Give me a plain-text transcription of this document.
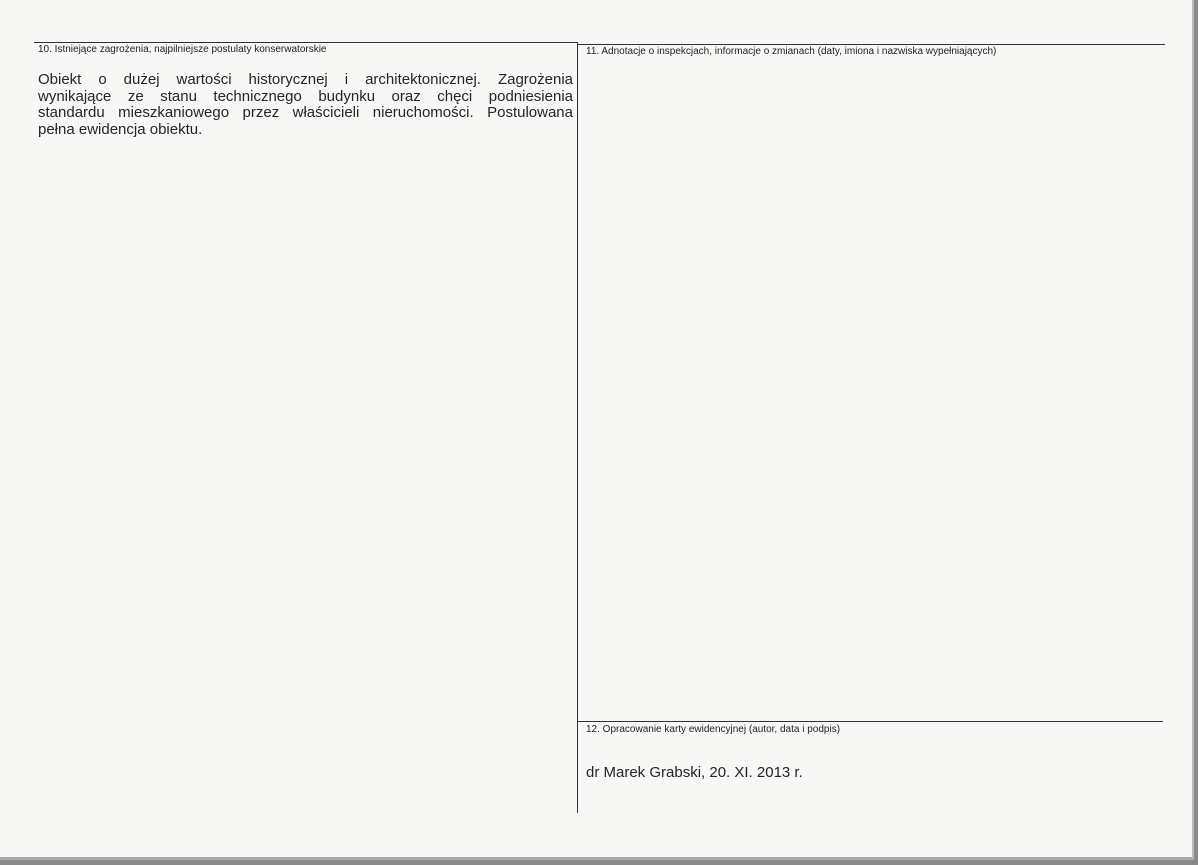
10. Istniejące zagrożenia, najpilniejsze postulaty konserwatorskie
Obiekt o dużej wartości historycznej i architektonicznej. Zagrożenia
wynikające ze stanu technicznego budynku oraz chęci podniesienia
standardu mieszkaniowego przez właścicieli nieruchomości. Postulowana
pełna ewidencja obiektu.
11. Adnotacje o inspekcjach, informacje o zmianach (daty, imiona i nazwiska wypełniających)
12. Opracowanie karty ewidencyjnej (autor, data i podpis)
dr Marek Grabski, 20. XI. 2013 r.
